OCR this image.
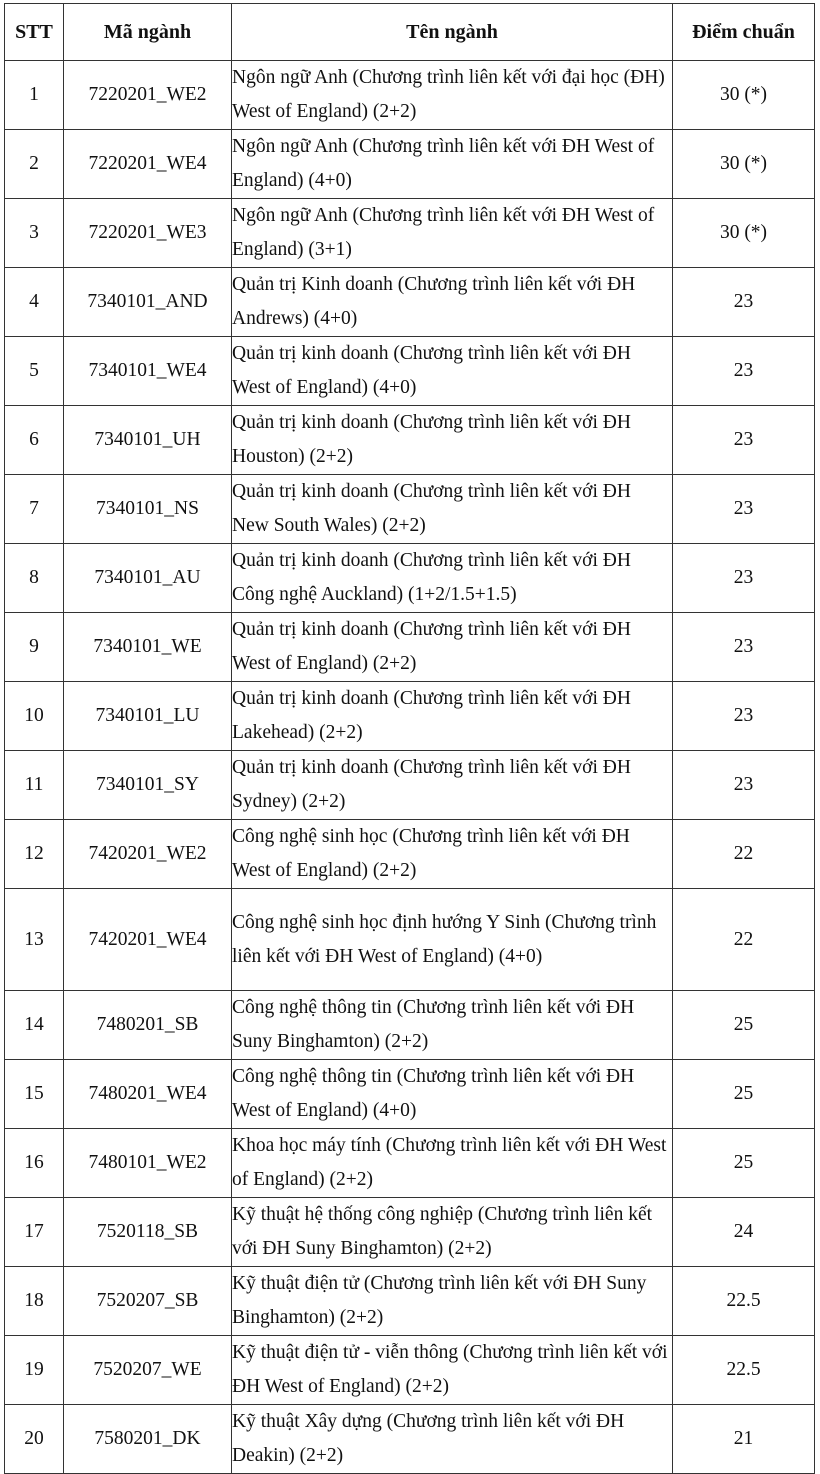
STT	Mã ngành	Tên ngành	Điểm chuẩn
1	7220201_WE2	Ngôn ngữ Anh (Chương trình liên kết với đại học (ĐH) West of England) (2+2)	30 (*)
2	7220201_WE4	Ngôn ngữ Anh (Chương trình liên kết với ĐH West of England) (4+0)	30 (*)
3	7220201_WE3	Ngôn ngữ Anh (Chương trình liên kết với ĐH West of England) (3+1)	30 (*)
4	7340101_AND	Quản trị Kinh doanh (Chương trình liên kết với ĐH Andrews) (4+0)	23
5	7340101_WE4	Quản trị kinh doanh (Chương trình liên kết với ĐH West of England) (4+0)	23
6	7340101_UH	Quản trị kinh doanh (Chương trình liên kết với ĐH Houston) (2+2)	23
7	7340101_NS	Quản trị kinh doanh (Chương trình liên kết với ĐH New South Wales) (2+2)	23
8	7340101_AU	Quản trị kinh doanh (Chương trình liên kết với ĐH Công nghệ Auckland) (1+2/1.5+1.5)	23
9	7340101_WE	Quản trị kinh doanh (Chương trình liên kết với ĐH West of England) (2+2)	23
10	7340101_LU	Quản trị kinh doanh (Chương trình liên kết với ĐH Lakehead) (2+2)	23
11	7340101_SY	Quản trị kinh doanh (Chương trình liên kết với ĐH Sydney) (2+2)	23
12	7420201_WE2	Công nghệ sinh học (Chương trình liên kết với ĐH West of England) (2+2)	22
13	7420201_WE4	Công nghệ sinh học định hướng Y Sinh (Chương trình liên kết với ĐH West of England) (4+0)	22
14	7480201_SB	Công nghệ thông tin (Chương trình liên kết với ĐH Suny Binghamton) (2+2)	25
15	7480201_WE4	Công nghệ thông tin (Chương trình liên kết với ĐH West of England) (4+0)	25
16	7480101_WE2	Khoa học máy tính (Chương trình liên kết với ĐH West of England) (2+2)	25
17	7520118_SB	Kỹ thuật hệ thống công nghiệp (Chương trình liên kết với ĐH Suny Binghamton) (2+2)	24
18	7520207_SB	Kỹ thuật điện tử (Chương trình liên kết với ĐH Suny Binghamton) (2+2)	22.5
19	7520207_WE	Kỹ thuật điện tử - viễn thông (Chương trình liên kết với ĐH West of England) (2+2)	22.5
20	7580201_DK	Kỹ thuật Xây dựng (Chương trình liên kết với ĐH Deakin) (2+2)	21
